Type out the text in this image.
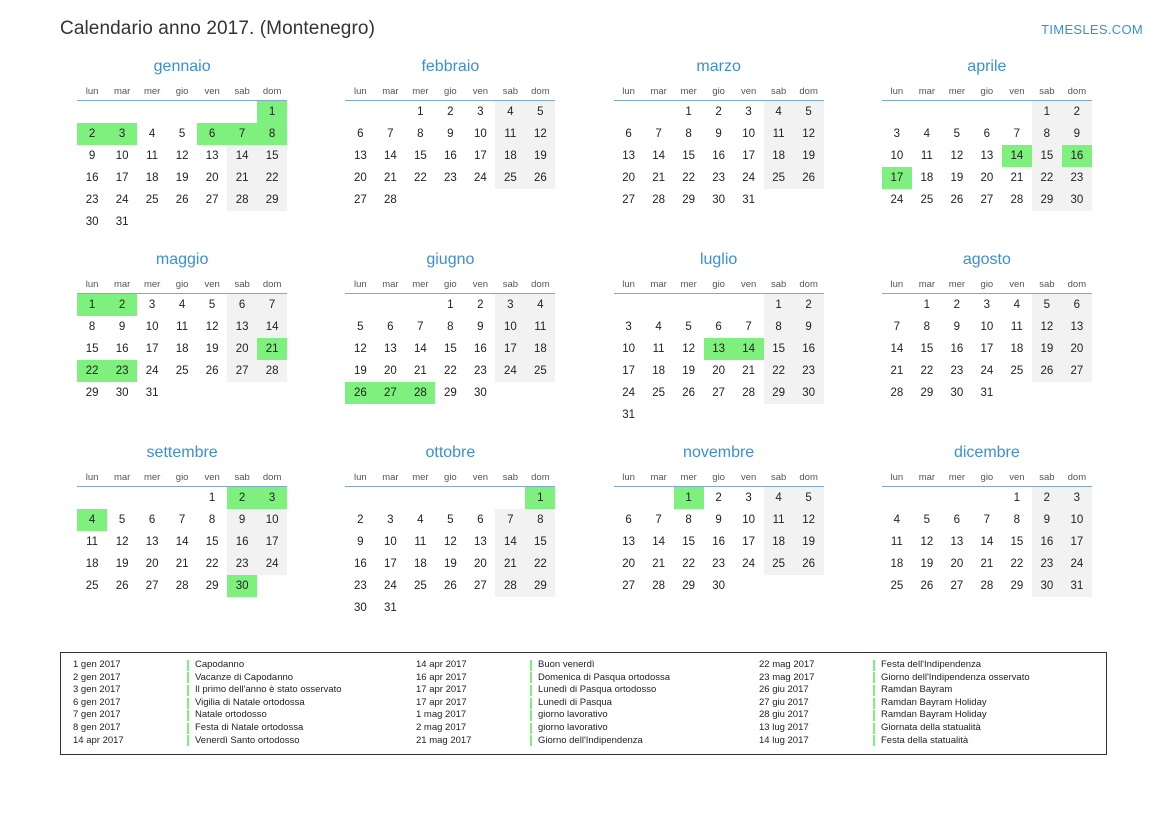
Calendario anno 2017. (Montenegro)	TIMESLES.COM
gennaio
lun	mar	mer	gio	ven	sab	dom
						1
2	3	4	5	6	7	8
9	10	11	12	13	14	15
16	17	18	19	20	21	22
23	24	25	26	27	28	29
30	31					
febbraio
lun	mar	mer	gio	ven	sab	dom
		1	2	3	4	5
6	7	8	9	10	11	12
13	14	15	16	17	18	19
20	21	22	23	24	25	26
27	28					
marzo
lun	mar	mer	gio	ven	sab	dom
		1	2	3	4	5
6	7	8	9	10	11	12
13	14	15	16	17	18	19
20	21	22	23	24	25	26
27	28	29	30	31		
aprile
lun	mar	mer	gio	ven	sab	dom
					1	2
3	4	5	6	7	8	9
10	11	12	13	14	15	16
17	18	19	20	21	22	23
24	25	26	27	28	29	30
maggio
lun	mar	mer	gio	ven	sab	dom
1	2	3	4	5	6	7
8	9	10	11	12	13	14
15	16	17	18	19	20	21
22	23	24	25	26	27	28
29	30	31				
giugno
lun	mar	mer	gio	ven	sab	dom
			1	2	3	4
5	6	7	8	9	10	11
12	13	14	15	16	17	18
19	20	21	22	23	24	25
26	27	28	29	30		
luglio
lun	mar	mer	gio	ven	sab	dom
					1	2
3	4	5	6	7	8	9
10	11	12	13	14	15	16
17	18	19	20	21	22	23
24	25	26	27	28	29	30
31						
agosto
lun	mar	mer	gio	ven	sab	dom
	1	2	3	4	5	6
7	8	9	10	11	12	13
14	15	16	17	18	19	20
21	22	23	24	25	26	27
28	29	30	31			
settembre
lun	mar	mer	gio	ven	sab	dom
				1	2	3
4	5	6	7	8	9	10
11	12	13	14	15	16	17
18	19	20	21	22	23	24
25	26	27	28	29	30	
ottobre
lun	mar	mer	gio	ven	sab	dom
						1
2	3	4	5	6	7	8
9	10	11	12	13	14	15
16	17	18	19	20	21	22
23	24	25	26	27	28	29
30	31					
novembre
lun	mar	mer	gio	ven	sab	dom
		1	2	3	4	5
6	7	8	9	10	11	12
13	14	15	16	17	18	19
20	21	22	23	24	25	26
27	28	29	30			
dicembre
lun	mar	mer	gio	ven	sab	dom
				1	2	3
4	5	6	7	8	9	10
11	12	13	14	15	16	17
18	19	20	21	22	23	24
25	26	27	28	29	30	31
1 gen 2017	Capodanno
2 gen 2017	Vacanze di Capodanno
3 gen 2017	Il primo dell'anno è stato osservato
6 gen 2017	Vigilia di Natale ortodossa
7 gen 2017	Natale ortodosso
8 gen 2017	Festa di Natale ortodossa
14 apr 2017	Venerdì Santo ortodosso
14 apr 2017	Buon venerdì
16 apr 2017	Domenica di Pasqua ortodossa
17 apr 2017	Lunedì di Pasqua ortodosso
17 apr 2017	Lunedì di Pasqua
1 mag 2017	giorno lavorativo
2 mag 2017	giorno lavorativo
21 mag 2017	Giorno dell'Indipendenza
22 mag 2017	Festa dell'Indipendenza
23 mag 2017	Giorno dell'Indipendenza osservato
26 giu 2017	Ramdan Bayram
27 giu 2017	Ramdan Bayram Holiday
28 giu 2017	Ramdan Bayram Holiday
13 lug 2017	Giornata della statualità
14 lug 2017	Festa della statualità
